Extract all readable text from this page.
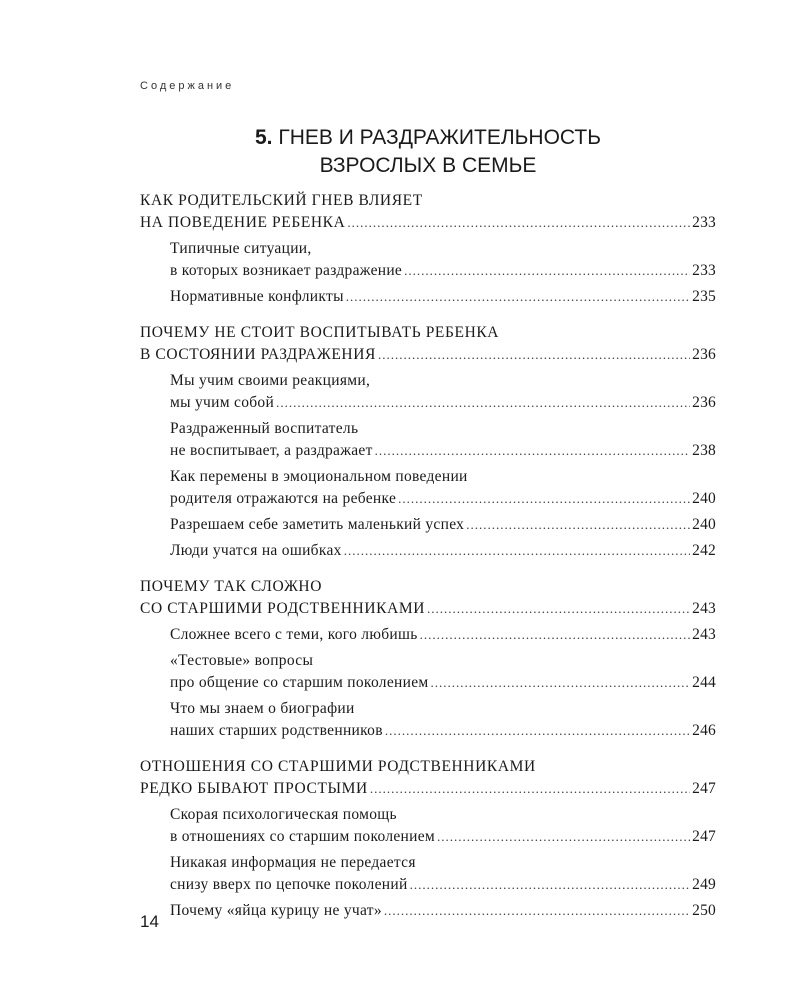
Содержание
5. ГНЕВ И РАЗДРАЖИТЕЛЬНОСТЬ
ВЗРОСЛЫХ В СЕМЬЕ
КАК РОДИТЕЛЬСКИЙ ГНЕВ ВЛИЯЕТ
НА ПОВЕДЕНИЕ РЕБЕНКА .....	233
Типичные ситуации,
в которых возникает раздражение .....	233
Нормативные конфликты .....	235
ПОЧЕМУ НЕ СТОИТ ВОСПИТЫВАТЬ РЕБЕНКА
В СОСТОЯНИИ РАЗДРАЖЕНИЯ .....	236
Мы учим своими реакциями,
мы учим собой .....	236
Раздраженный воспитатель
не воспитывает, а раздражает .....	238
Как перемены в эмоциональном поведении
родителя отражаются на ребенке .....	240
Разрешаем себе заметить маленький успех .....	240
Люди учатся на ошибках .....	242
ПОЧЕМУ ТАК СЛОЖНО
СО СТАРШИМИ РОДСТВЕННИКАМИ .....	243
Сложнее всего с теми, кого любишь .....	243
«Тестовые» вопросы
про общение со старшим поколением .....	244
Что мы знаем о биографии
наших старших родственников .....	246
ОТНОШЕНИЯ СО СТАРШИМИ РОДСТВЕННИКАМИ
РЕДКО БЫВАЮТ ПРОСТЫМИ .....	247
Скорая психологическая помощь
в отношениях со старшим поколением .....	247
Никакая информация не передается
снизу вверх по цепочке поколений .....	249
Почему «яйца курицу не учат» .....	250
14
